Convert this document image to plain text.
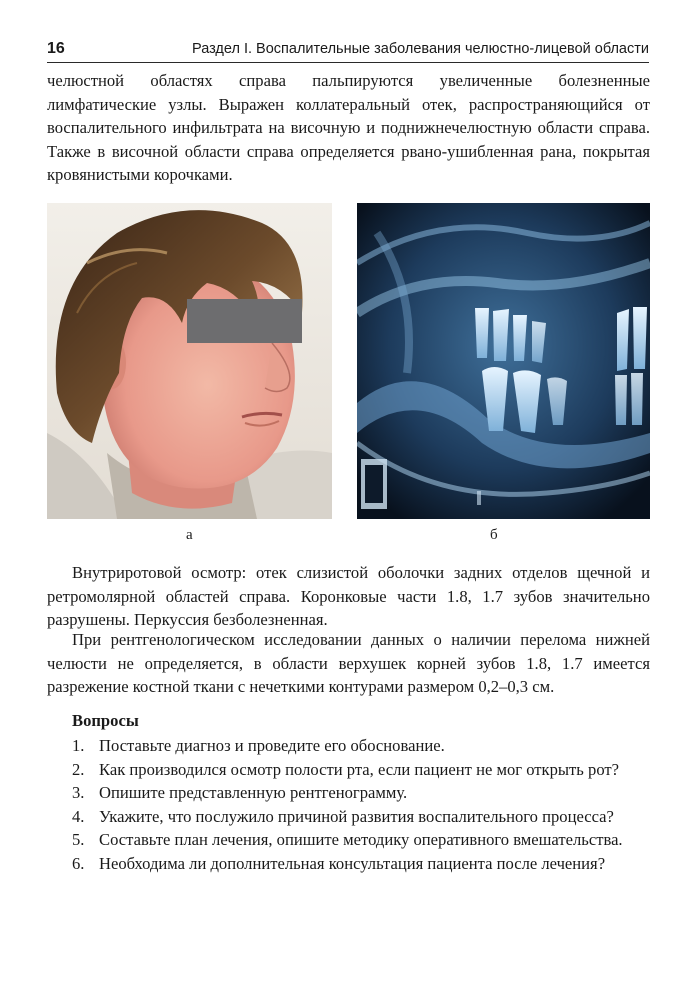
16	Раздел I. Воспалительные заболевания челюстно-лицевой области

челюстной областях справа пальпируются увеличенные болезненные лимфатические узлы. Выражен коллатеральный отек, распространяющийся от воспалительного инфильтрата на височную и поднижнечелюстную области справа. Также в височной области справа определяется рвано-ушибленная рана, покрытая кровянистыми корочками.

а	б

Внутриротовой осмотр: отек слизистой оболочки задних отделов щечной и ретромолярной областей справа. Коронковые части 1.8, 1.7 зубов значительно разрушены. Перкуссия безболезненная.

При рентгенологическом исследовании данных о наличии перелома нижней челюсти не определяется, в области верхушек корней зубов 1.8, 1.7 имеется разрежение костной ткани с нечеткими контурами размером 0,2–0,3 см.

Вопросы
1. Поставьте диагноз и проведите его обоснование.
2. Как производился осмотр полости рта, если пациент не мог открыть рот?
3. Опишите представленную рентгенограмму.
4. Укажите, что послужило причиной развития воспалительного процесса?
5. Составьте план лечения, опишите методику оперативного вмешательства.
6. Необходима ли дополнительная консультация пациента после лечения?
